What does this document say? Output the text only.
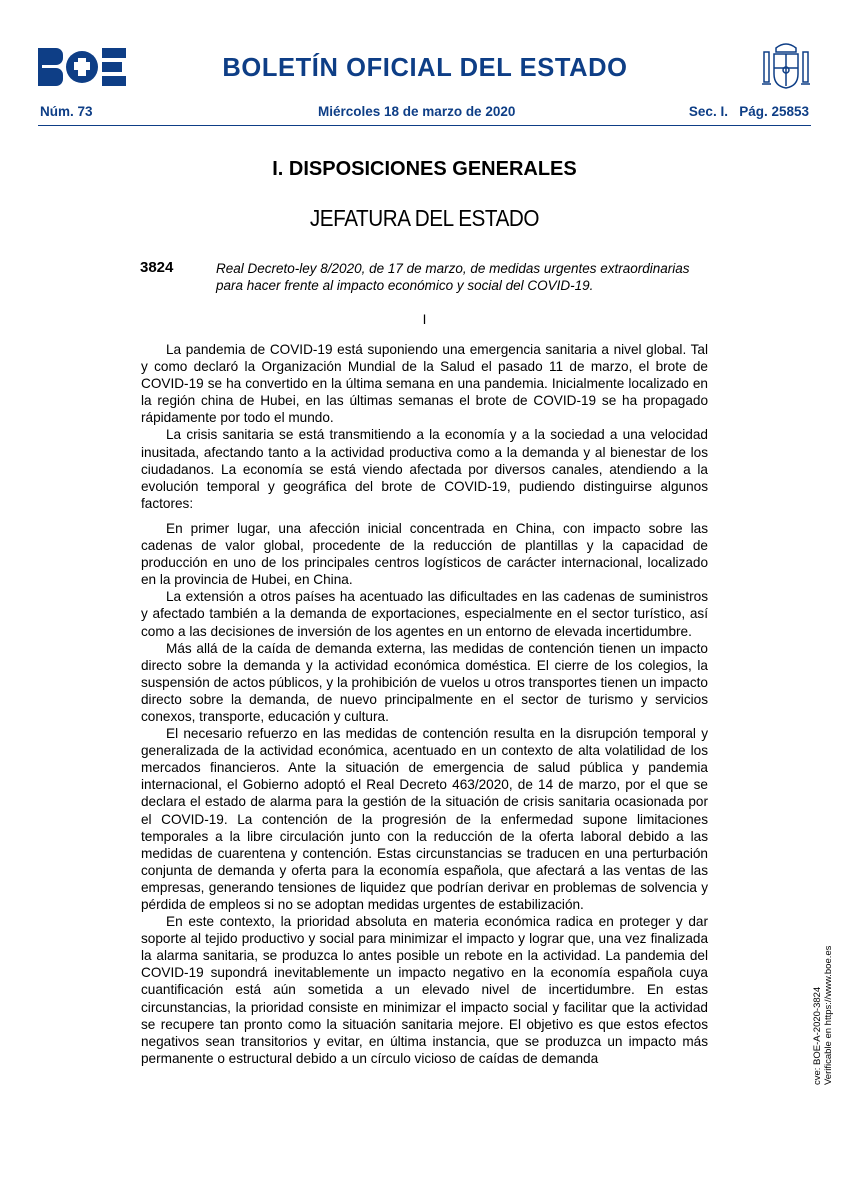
BOLETÍN OFICIAL DEL ESTADO
Núm. 73	Miércoles 18 de marzo de 2020	Sec. I.   Pág. 25853
I. DISPOSICIONES GENERALES
JEFATURA DEL ESTADO
3824	Real Decreto-ley 8/2020, de 17 de marzo, de medidas urgentes extraordinarias para hacer frente al impacto económico y social del COVID-19.
I

La pandemia de COVID-19 está suponiendo una emergencia sanitaria a nivel global. Tal y como declaró la Organización Mundial de la Salud el pasado 11 de marzo, el brote de COVID-19 se ha convertido en la última semana en una pandemia. Inicialmente localizado en la región china de Hubei, en las últimas semanas el brote de COVID-19 se ha propagado rápidamente por todo el mundo.

La crisis sanitaria se está transmitiendo a la economía y a la sociedad a una velocidad inusitada, afectando tanto a la actividad productiva como a la demanda y al bienestar de los ciudadanos. La economía se está viendo afectada por diversos canales, atendiendo a la evolución temporal y geográfica del brote de COVID-19, pudiendo distinguirse algunos factores:

En primer lugar, una afección inicial concentrada en China, con impacto sobre las cadenas de valor global, procedente de la reducción de plantillas y la capacidad de producción en uno de los principales centros logísticos de carácter internacional, localizado en la provincia de Hubei, en China.

La extensión a otros países ha acentuado las dificultades en las cadenas de suministros y afectado también a la demanda de exportaciones, especialmente en el sector turístico, así como a las decisiones de inversión de los agentes en un entorno de elevada incertidumbre.

Más allá de la caída de demanda externa, las medidas de contención tienen un impacto directo sobre la demanda y la actividad económica doméstica. El cierre de los colegios, la suspensión de actos públicos, y la prohibición de vuelos u otros transportes tienen un impacto directo sobre la demanda, de nuevo principalmente en el sector de turismo y servicios conexos, transporte, educación y cultura.

El necesario refuerzo en las medidas de contención resulta en la disrupción temporal y generalizada de la actividad económica, acentuado en un contexto de alta volatilidad de los mercados financieros. Ante la situación de emergencia de salud pública y pandemia internacional, el Gobierno adoptó el Real Decreto 463/2020, de 14 de marzo, por el que se declara el estado de alarma para la gestión de la situación de crisis sanitaria ocasionada por el COVID-19. La contención de la progresión de la enfermedad supone limitaciones temporales a la libre circulación junto con la reducción de la oferta laboral debido a las medidas de cuarentena y contención. Estas circunstancias se traducen en una perturbación conjunta de demanda y oferta para la economía española, que afectará a las ventas de las empresas, generando tensiones de liquidez que podrían derivar en problemas de solvencia y pérdida de empleos si no se adoptan medidas urgentes de estabilización.

En este contexto, la prioridad absoluta en materia económica radica en proteger y dar soporte al tejido productivo y social para minimizar el impacto y lograr que, una vez finalizada la alarma sanitaria, se produzca lo antes posible un rebote en la actividad. La pandemia del COVID-19 supondrá inevitablemente un impacto negativo en la economía española cuya cuantificación está aún sometida a un elevado nivel de incertidumbre. En estas circunstancias, la prioridad consiste en minimizar el impacto social y facilitar que la actividad se recupere tan pronto como la situación sanitaria mejore. El objetivo es que estos efectos negativos sean transitorios y evitar, en última instancia, que se produzca un impacto más permanente o estructural debido a un círculo vicioso de caídas de demanda	cve: BOE-A-2020-3824 Verificable en https://www.boe.es
